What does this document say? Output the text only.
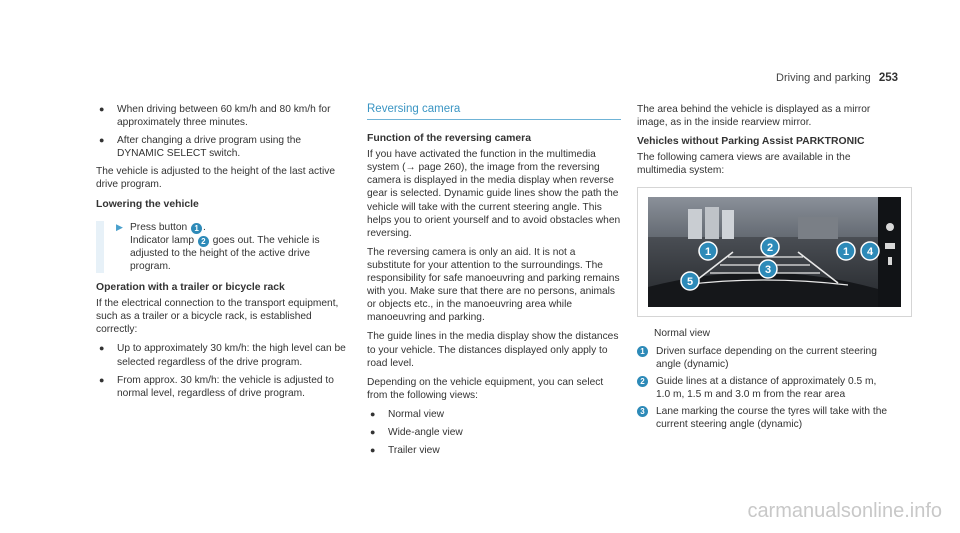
Driving and parking 253
●	When driving between 60 km/h and 80 km/h for approximately three minutes.
●	After changing a drive program using the DYNAMIC SELECT switch.

The vehicle is adjusted to the height of the last active drive program.

Lowering the vehicle
▶ Press button 1 .
Indicator lamp 2 goes out. The vehicle is adjusted to the height of the active drive program.
Operation with a trailer or bicycle rack

If the electrical connection to the transport equipment, such as a trailer or a bicycle rack, is established correctly:

●	Up to approximately 30 km/h: the high level can be selected regardless of the drive program.
●	From approx. 30 km/h: the vehicle is adjusted to normal level, regardless of drive program.
Reversing camera
Function of the reversing camera

If you have activated the function in the multimedia system (→ page 260), the image from the reversing camera is displayed in the media display when reverse gear is selected. Dynamic guide lines show the path the vehicle will take with the current steering angle. This helps you to orient yourself and to avoid obstacles when reversing.

The reversing camera is only an aid. It is not a substitute for your attention to the surroundings. The responsibility for safe manoeuvring and parking remains with you. Make sure that there are no persons, animals or objects etc., in the manoeuvring area while manoeuvring and parking.

The guide lines in the media display show the distances to your vehicle. The distances displayed only apply to road level.

Depending on the vehicle equipment, you can select from the following views:

●	Normal view
●	Wide-angle view
●	Trailer view

The area behind the vehicle is displayed as a mirror image, as in the inside rearview mirror.

Vehicles without Parking Assist PARKTRONIC

The following camera views are available in the multimedia system:

1	2	1 4
3
5

Normal view

1	Driven surface depending on the current steering angle (dynamic)
2	Guide lines at a distance of approximately 0.5 m, 1.0 m, 1.5 m and 3.0 m from the rear area
3	Lane marking the course the tyres will take with the current steering angle (dynamic)
carmanualsonline.info
